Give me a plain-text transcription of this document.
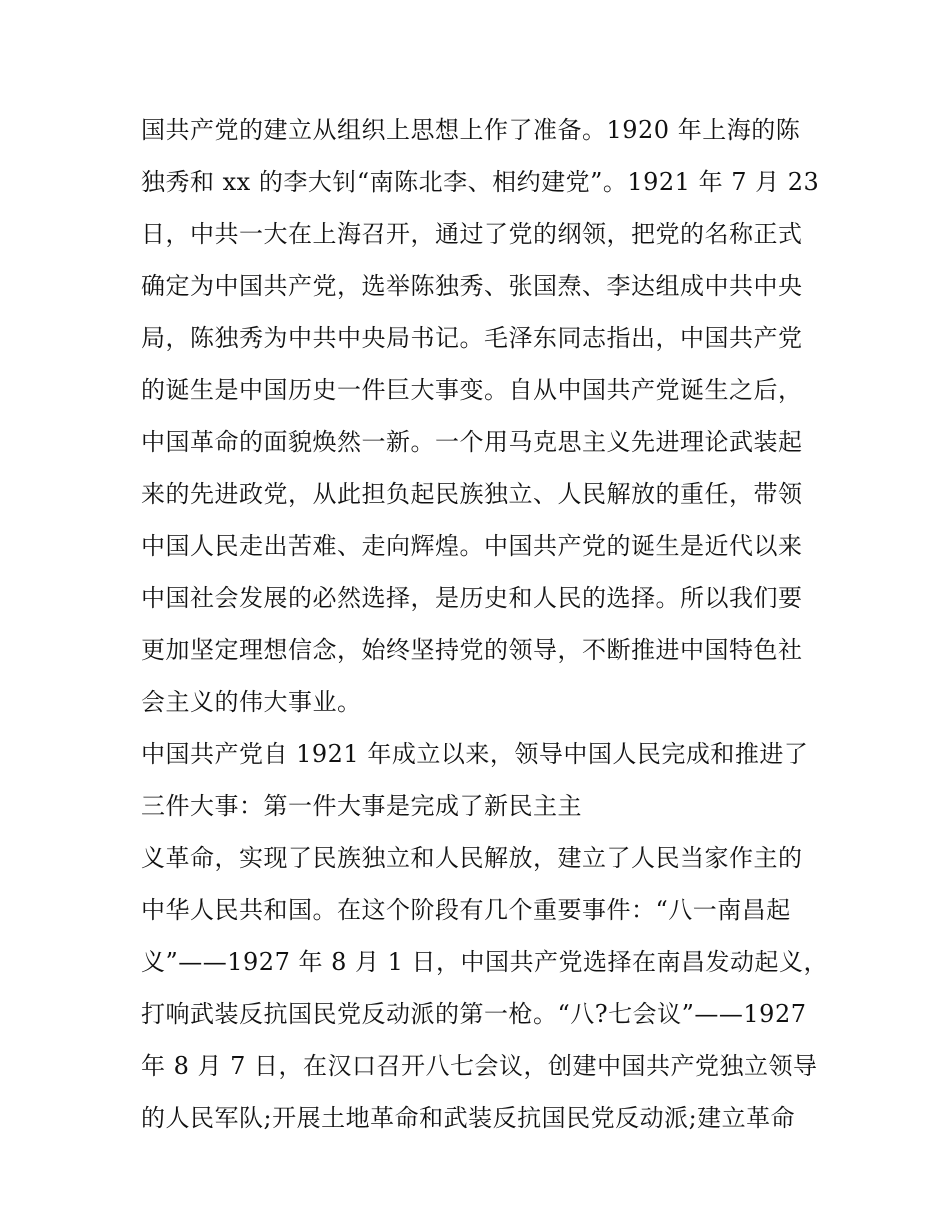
国共产党的建立从组织上思想上作了准备。1920 年上海的陈
独秀和 xx 的李大钊“南陈北李、相约建党”。1921 年 7 月 23
日，中共一大在上海召开，通过了党的纲领，把党的名称正式
确定为中国共产党，选举陈独秀、张国焘、李达组成中共中央
局，陈独秀为中共中央局书记。毛泽东同志指出，中国共产党
的诞生是中国历史一件巨大事变。自从中国共产党诞生之后，
中国革命的面貌焕然一新。一个用马克思主义先进理论武装起
来的先进政党，从此担负起民族独立、人民解放的重任，带领
中国人民走出苦难、走向辉煌。中国共产党的诞生是近代以来
中国社会发展的必然选择，是历史和人民的选择。所以我们要
更加坚定理想信念，始终坚持党的领导，不断推进中国特色社
会主义的伟大事业。
中国共产党自 1921 年成立以来，领导中国人民完成和推进了
三件大事：第一件大事是完成了新民主主
义革命，实现了民族独立和人民解放，建立了人民当家作主的
中华人民共和国。在这个阶段有几个重要事件：“八一南昌起
义”——1927 年 8 月 1 日，中国共产党选择在南昌发动起义，
打响武装反抗国民党反动派的第一枪。“八?七会议”——1927
年 8 月 7 日，在汉口召开八七会议，创建中国共产党独立领导
的人民军队;开展土地革命和武装反抗国民党反动派;建立革命
